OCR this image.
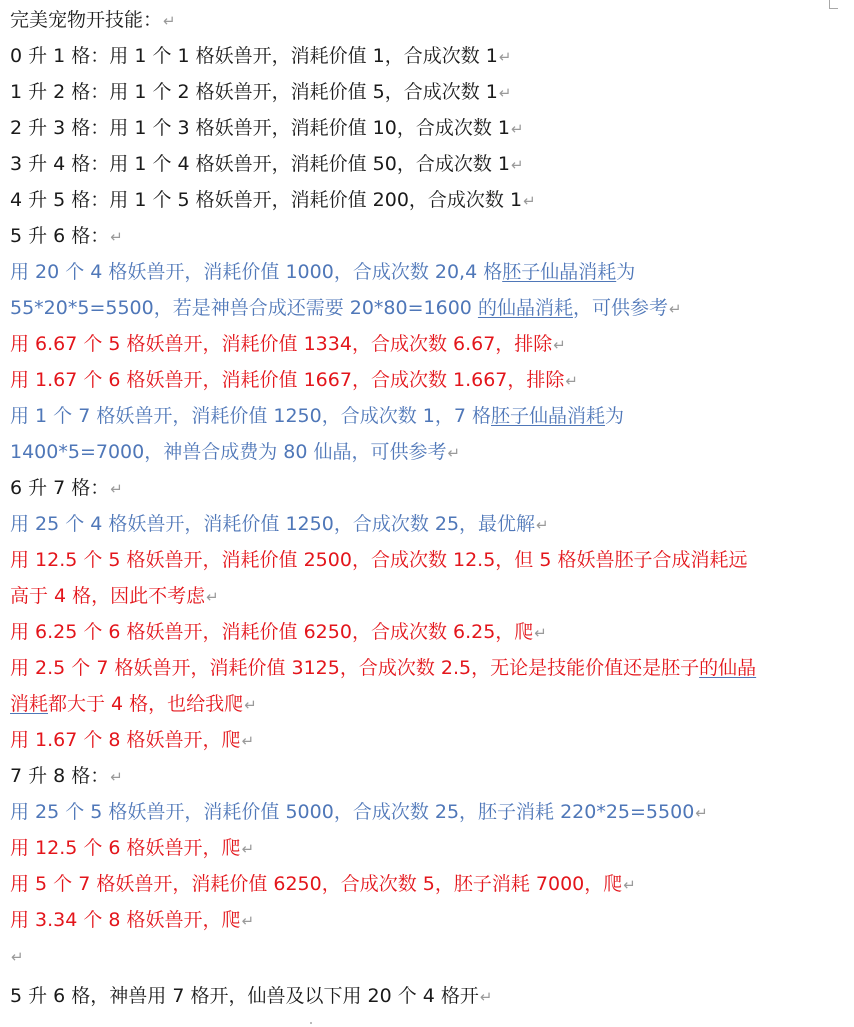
完美宠物开技能：↵
0 升 1 格：用 1 个 1 格妖兽开，消耗价值 1，合成次数 1↵
1 升 2 格：用 1 个 2 格妖兽开，消耗价值 5，合成次数 1↵
2 升 3 格：用 1 个 3 格妖兽开，消耗价值 10，合成次数 1↵
3 升 4 格：用 1 个 4 格妖兽开，消耗价值 50，合成次数 1↵
4 升 5 格：用 1 个 5 格妖兽开，消耗价值 200，合成次数 1↵
5 升 6 格：↵
用 20 个 4 格妖兽开，消耗价值 1000，合成次数 20,4 格胚子仙晶消耗为
55*20*5=5500，若是神兽合成还需要 20*80=1600 的仙晶消耗，可供参考↵
用 6.67 个 5 格妖兽开，消耗价值 1334，合成次数 6.67，排除↵
用 1.67 个 6 格妖兽开，消耗价值 1667，合成次数 1.667，排除↵
用 1 个 7 格妖兽开，消耗价值 1250，合成次数 1，7 格胚子仙晶消耗为
1400*5=7000，神兽合成费为 80 仙晶，可供参考↵
6 升 7 格：↵
用 25 个 4 格妖兽开，消耗价值 1250，合成次数 25，最优解↵
用 12.5 个 5 格妖兽开，消耗价值 2500，合成次数 12.5，但 5 格妖兽胚子合成消耗远
高于 4 格，因此不考虑↵
用 6.25 个 6 格妖兽开，消耗价值 6250，合成次数 6.25，爬↵
用 2.5 个 7 格妖兽开，消耗价值 3125，合成次数 2.5，无论是技能价值还是胚子的仙晶
消耗都大于 4 格，也给我爬↵
用 1.67 个 8 格妖兽开，爬↵
7 升 8 格：↵
用 25 个 5 格妖兽开，消耗价值 5000，合成次数 25，胚子消耗 220*25=5500↵
用 12.5 个 6 格妖兽开，爬↵
用 5 个 7 格妖兽开，消耗价值 6250，合成次数 5，胚子消耗 7000，爬↵
用 3.34 个 8 格妖兽开，爬↵
↵
5 升 6 格，神兽用 7 格开，仙兽及以下用 20 个 4 格开↵
